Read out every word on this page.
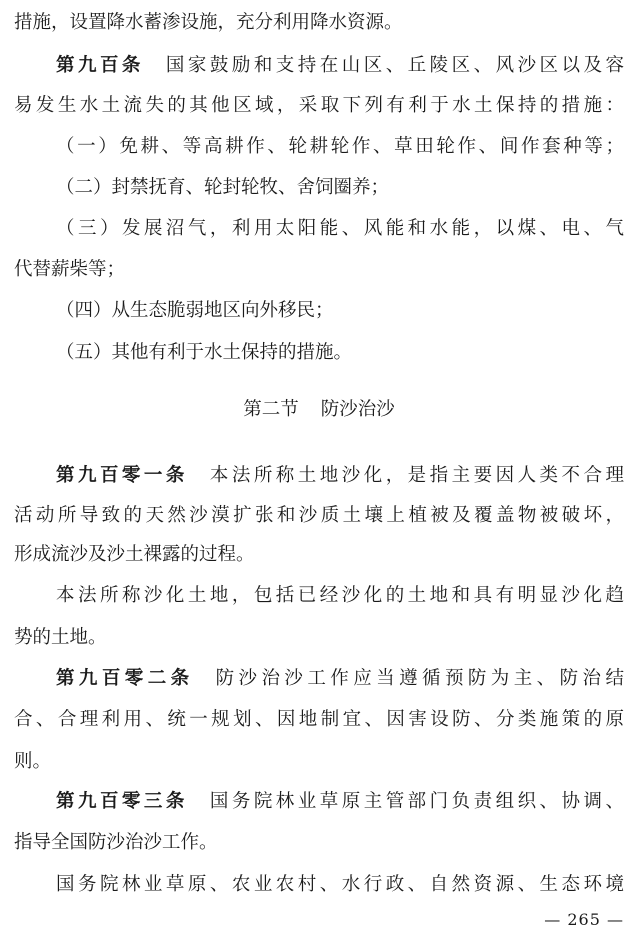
措施，设置降水蓄渗设施，充分利用降水资源。
第九百条 国家鼓励和支持在山区、丘陵区、风沙区以及容
易发生水土流失的其他区域，采取下列有利于水土保持的措施：
（一）免耕、等高耕作、轮耕轮作、草田轮作、间作套种等；
（二）封禁抚育、轮封轮牧、舍饲圈养；
（三）发展沼气，利用太阳能、风能和水能，以煤、电、气
代替薪柴等；
（四）从生态脆弱地区向外移民；
（五）其他有利于水土保持的措施。
第二节 防沙治沙
第九百零一条 本法所称土地沙化，是指主要因人类不合理
活动所导致的天然沙漠扩张和沙质土壤上植被及覆盖物被破坏，
形成流沙及沙土裸露的过程。
本法所称沙化土地，包括已经沙化的土地和具有明显沙化趋
势的土地。
第九百零二条 防沙治沙工作应当遵循预防为主、防治结
合、合理利用、统一规划、因地制宜、因害设防、分类施策的原
则。
第九百零三条 国务院林业草原主管部门负责组织、协调、
指导全国防沙治沙工作。
国务院林业草原、农业农村、水行政、自然资源、生态环境
— 265 —
